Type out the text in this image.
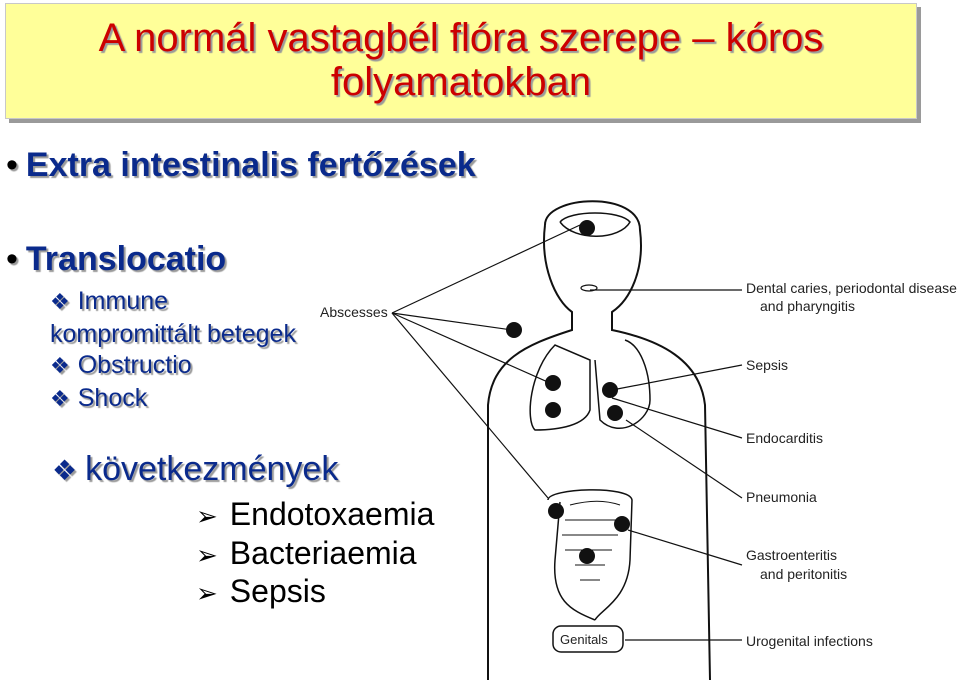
A normál vastagbél flóra szerepe – kóros
folyamatokban
• Extra intestinalis fertőzések
• Translocatio
❖ Immune
kompromittált betegek
❖ Obstructio
❖ Shock
❖ következmények
➢ Endotoxaemia
➢ Bacteriaemia
➢ Sepsis
Abscesses
Genitals
Dental caries, periodontal disease
and pharyngitis
Sepsis
Endocarditis
Pneumonia
Gastroenteritis
and peritonitis
Urogenital infections
